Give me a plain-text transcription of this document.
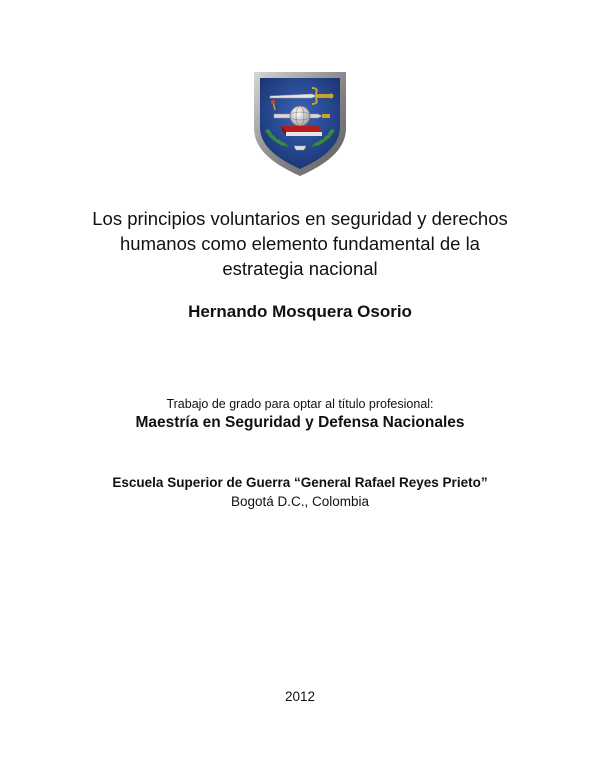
Los principios voluntarios en seguridad y derechos
humanos como elemento fundamental de la
estrategia nacional
Hernando Mosquera Osorio
Trabajo de grado para optar al título profesional:
Maestría en Seguridad y Defensa Nacionales
Escuela Superior de Guerra “General Rafael Reyes Prieto”
Bogotá D.C., Colombia
2012
